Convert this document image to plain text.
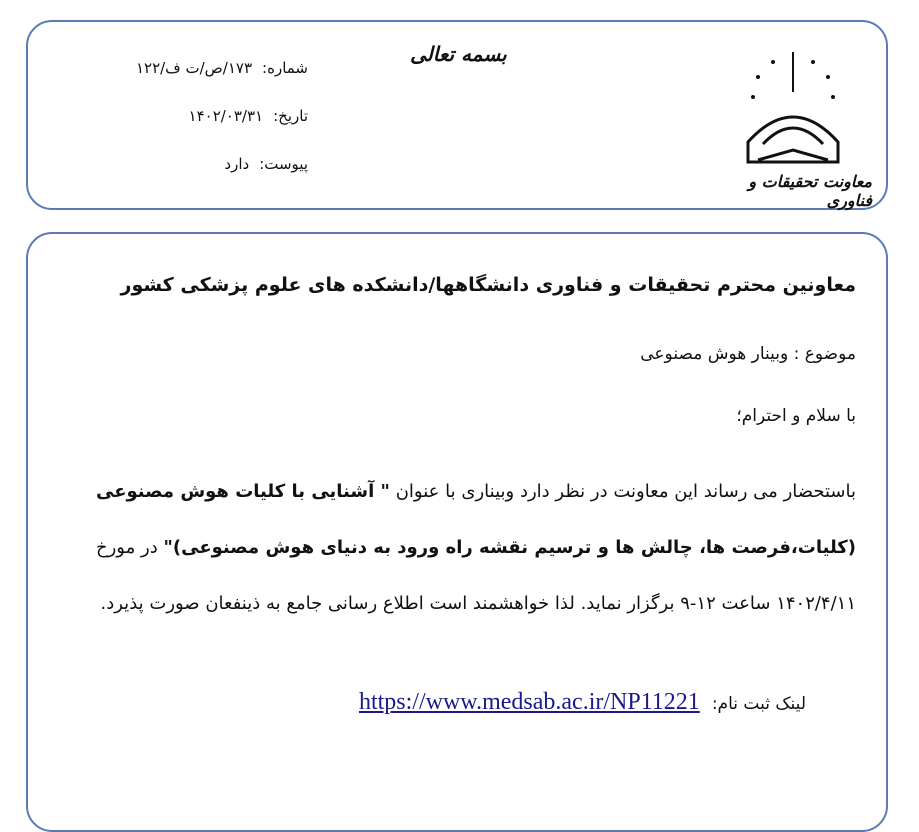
معاونت تحقیقات و فناوری
بسمه تعالی
شماره:
۱۷۳/ص/ت ف/۱۲۲
تاریخ:
۱۴۰۲/۰۳/۳۱
پیوست:
دارد
معاونین محترم تحقیقات و فناوری دانشگاهها/دانشکده های علوم پزشکی کشور
موضوع : وبینار هوش مصنوعی
با سلام و احترام؛
باستحضار می رساند این معاونت در نظر دارد وبیناری با عنوان " آشنایی با کلیات هوش مصنوعی (کلیات،فرصت ها، چالش ها و ترسیم نقشه راه ورود به دنیای هوش مصنوعی)" در مورخ ۱۴۰۲/۴/۱۱ ساعت ۱۲-۹ برگزار نماید. لذا خواهشمند است اطلاع رسانی جامع به ذینفعان صورت پذیرد.
لینک ثبت نام:
https://www.medsab.ac.ir/NP11221
